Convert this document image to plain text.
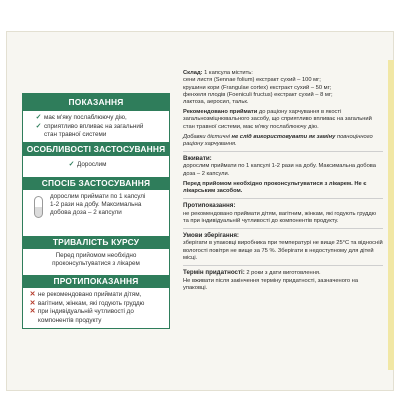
ПОКАЗАННЯ
✓ має м'яку послаблюючу дію,
✓ сприятливо впливає на загальний
стан травної системи
ОСОБЛИВОСТІ ЗАСТОСУВАННЯ
✓ Дорослим
СПОСІБ ЗАСТОСУВАННЯ
дорослим приймати по 1 капсулі
1-2 рази на добу. Максимальна
добова доза – 2 капсули
ТРИВАЛІСТЬ КУРСУ
Перед прийомом необхідно
проконсультуватися з лікарем
ПРОТИПОКАЗАННЯ
✕ не рекомендовано приймати дітям,
✕ вагітним, жінкам, які годують груддю
✕ при індивідуальній чутливості до
компонентів продукту

Склад: 1 капсула містить:
сени листя (Sennae folium) екстракт сухий – 100 мг;
крушини кори (Frangulae cortex) екстракт сухий – 50 мг;
фенхеля плодів (Foeniculi fructus) екстракт сухий – 8 мг;
лактоза, аеросил, тальк.

Рекомендовано приймати до раціону харчування в якості загальнозміцнювального засобу, що сприятливо впливає на загальний стан травної системи, має м'яку послаблюючу дію.

Добавки дієтичні не слід використовувати як заміну повноцінного раціону харчування.

Вживати:
дорослим приймати по 1 капсулі 1-2 рази на добу. Максимальна добова доза – 2 капсули.

Перед прийомом необхідно проконсультуватися з лікарем. Не є лікарським засобом.

Протипоказання:
не рекомендовано приймати дітям, вагітним, жінкам, які годують груддю та при індивідуальній чутливості до компонентів продукту.

Умови зберігання:
зберігати в упаковці виробника при температурі не вище 25°С та відносній вологості повітря не вище за 75 %. Зберігати в недоступному для дітей місці.

Термін придатності: 2 роки з дати виготовлення.
Не вживати після закінчення терміну придатності, зазначеного на упаковці.
